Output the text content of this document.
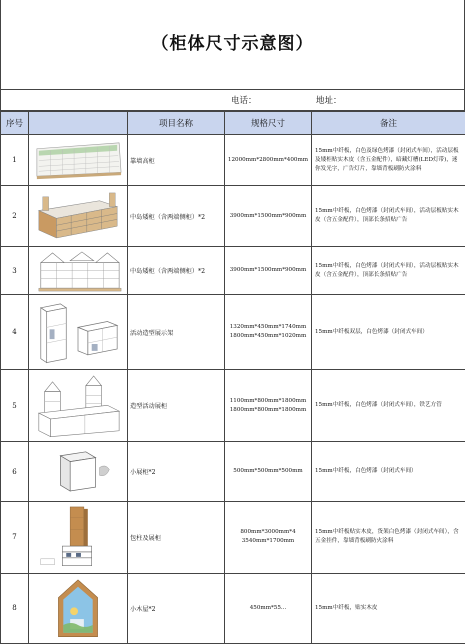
（柜体尺寸示意图）
电话：	地址：
序号		项目名称	规格尺寸	备注
1		靠墙高柜	12000mm*2800mm*400mm	15mm中纤板，白色及绿色烤漆（封闭式车间），活动层板及矮柜贴实木皮（含五金配件），暗藏灯槽(LED灯带)，迷你发光字，广告灯片，靠墙背板刷防火涂料
2		中岛矮柜（含两端侧柜）*2	3900mm*1500mm*900mm	15mm中纤板，白色烤漆（封闭式车间），活动层板贴实木皮（含五金配件），顶部长条招贴广告
3		中岛矮柜（含两端侧柜）*2	3900mm*1500mm*900mm	15mm中纤板，白色烤漆（封闭式车间），活动层板贴实木皮（含五金配件），顶部长条招贴广告
4		活动造型展示架	1320mm*450mm*1740mm
1800mm*450mm*1020mm	15mm中纤板双层，白色烤漆（封闭式车间）
5		造型活动展柜	1100mm*800mm*1800mm
1800mm*800mm*1800mm	15mm中纤板，白色烤漆（封闭式车间），铁艺方管
6		小展柜*2	500mm*500mm*500mm	15mm中纤板，白色烤漆（封闭式车间）
7		包柱及展柜	800mm*3000mm*4
3540mm*1700mm	15mm中纤板贴实木皮，货架白色烤漆（封闭式车间），含五金挂件，靠墙背板刷防火涂料
8		小木屋*2	450mm*55...	15mm中纤板，贴实木皮
